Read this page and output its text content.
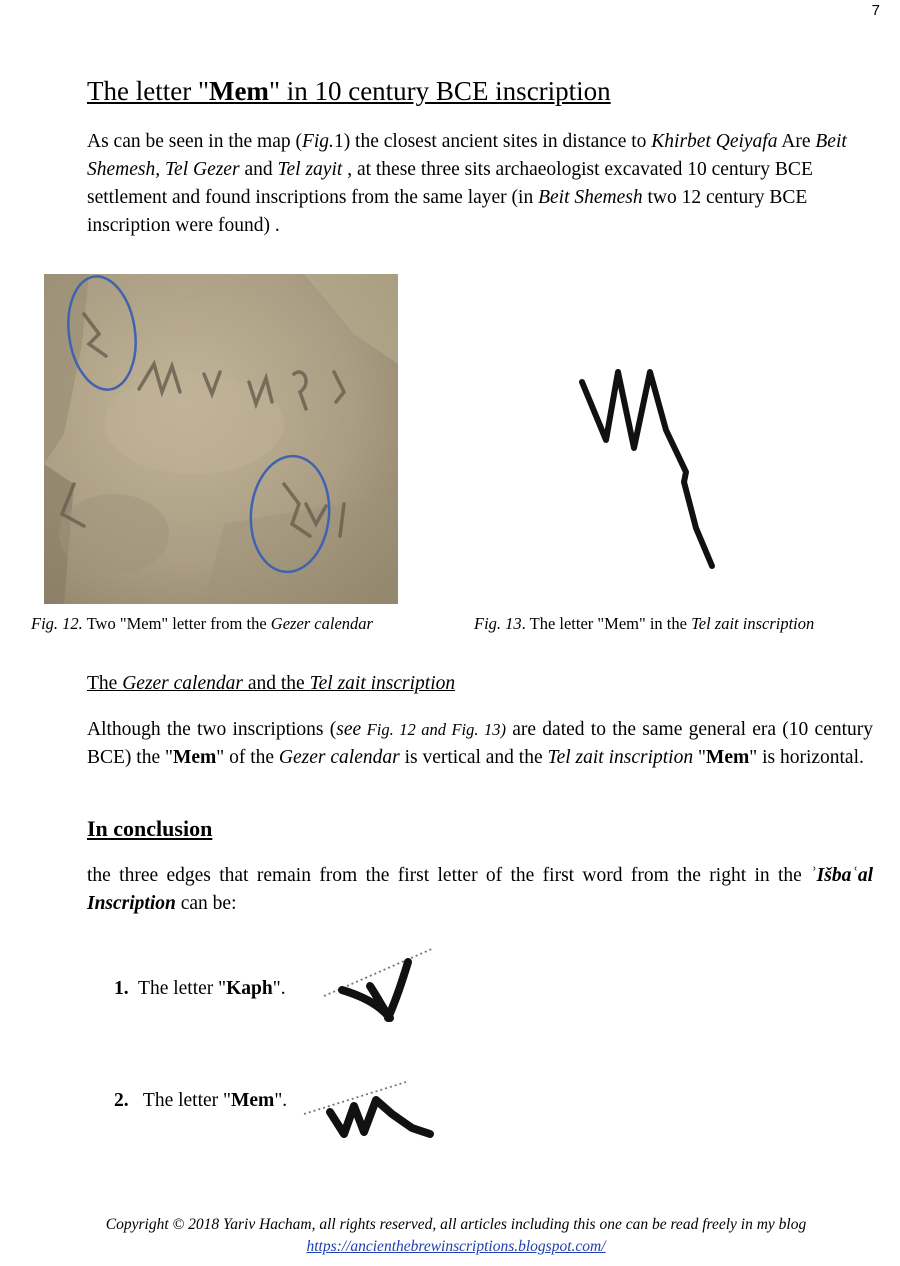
7
The letter "Mem" in 10 century BCE inscription
As can be seen in the map (Fig.1) the closest ancient sites in distance to Khirbet Qeiyafa Are Beit Shemesh, Tel Gezer and Tel zayit , at these three sits archaeologist excavated 10 century BCE settlement and found inscriptions from the same layer (in Beit Shemesh two 12 century BCE inscription were found) .
Fig. 12. Two "Mem" letter from the Gezer calendar	Fig. 13. The letter "Mem" in the Tel zait inscription
The Gezer calendar and the Tel zait inscription
Although the two inscriptions (see Fig. 12 and Fig. 13) are dated to the same general era (10 century BCE) the "Mem" of the Gezer calendar is vertical and the Tel zait inscription "Mem" is horizontal.
In conclusion
the three edges that remain from the first letter of the first word from the right in the ʾIšbaʿal Inscription can be:
1. The letter "Kaph".
2. The letter "Mem".
Copyright © 2018 Yariv Hacham, all rights reserved, all articles including this one can be read freely in my blog
https://ancienthebrewinscriptions.blogspot.com/
